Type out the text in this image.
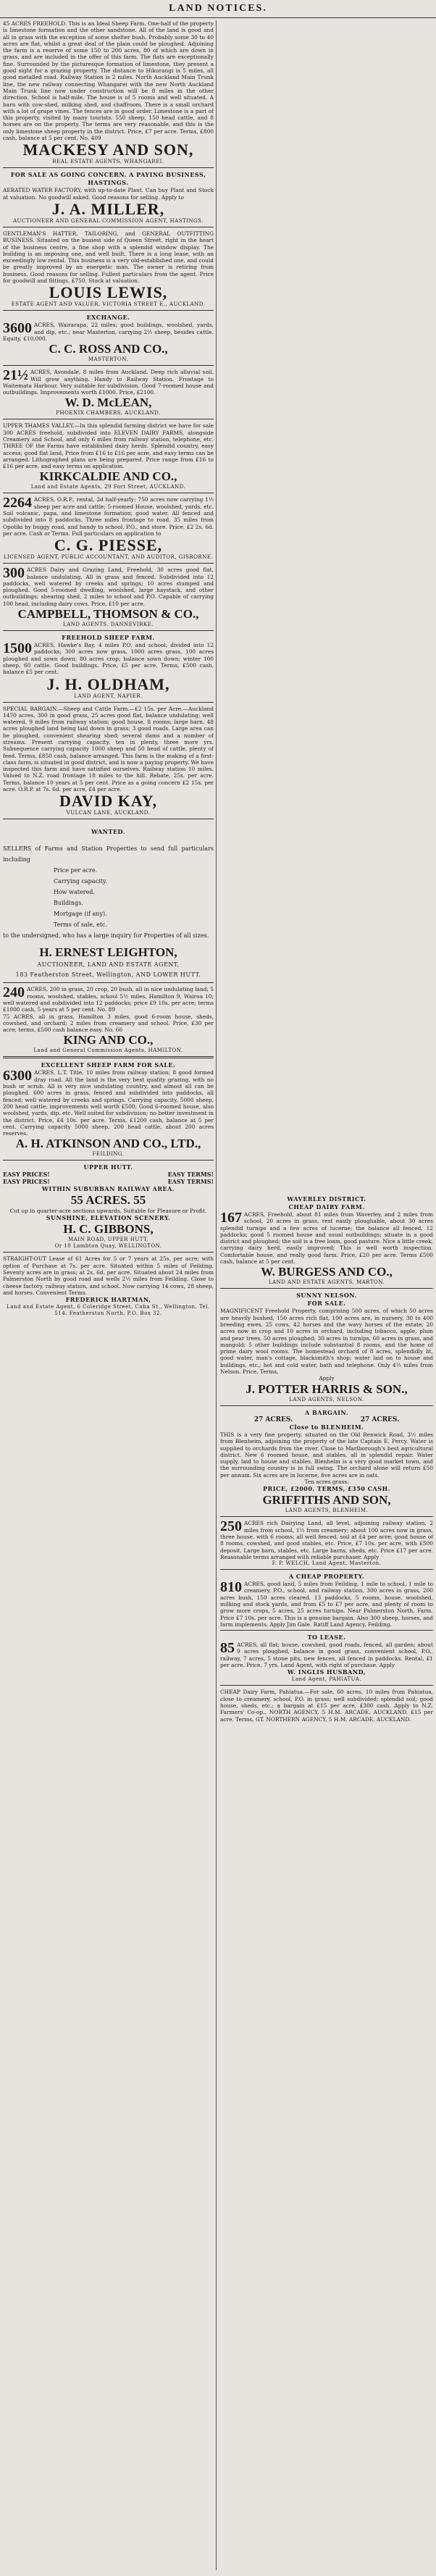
LAND NOTICES.

45 ACRES FREEHOLD. This is an Ideal Sheep Farm. One-half of the property is limestone formation and the other sandstone. All of the land is good and all in grass with the exception of some shelter bush. Probably some 30 to 40 acres are flat, whilst a great deal of the plain could be ploughed. Adjoining the farm is a reserve of some 150 to 200 acres, 80 of which are down in grass, and are included in the offer of this farm. The flats are exceptionally fine. Surrounded by the picturesque formation of limestone, they present a good sight for a grazing property. The distance to Hikurangi is 5 miles, all good metalled road. Railway Station is 2 miles. North Auckland Main Trunk line, the new railway connecting Whangarei with the new North Auckland Main Trunk line now under construction will be 8 miles in the other direction. School is half-mile. The house is of 5 rooms and well situated. A barn with cow-shed, milking shed, and chaffroom. There is a small orchard with a lot of grape vines. The fences are in good order. Limestone is a part of this property, visited by many tourists. 550 sheep, 150 head cattle, and 8 horses are on the property. The terms are very reasonable, and this is the only limestone sheep property in the district. Price, £7 per acre. Terms, £800 cash, balance at 5 per cent. No. 409

MACKESY AND SON,
REAL ESTATE AGENTS, WHANGAREI.
FOR SALE AS GOING CONCERN. A PAYING BUSINESS, HASTINGS.

AERATED WATER FACTORY, with up-to-date Plant. Can buy Plant and Stock at valuation. No goodwill asked. Good reasons for selling. Apply to

J. A. MILLER,
AUCTIONEER AND GENERAL COMMISSION AGENT, HASTINGS.

GENTLEMAN'S HATTER, TAILORING, and GENERAL OUTFITTING BUSINESS. Situated on the busiest side of Queen Street, right in the heart of the business centre, a fine shop with a splendid window display. The building is an imposing one, and well built. There is a long lease, with an exceedingly low rental. This business is a very old-established one, and could be greatly improved by an energetic man. The owner is retiring from business. Good reasons for selling. Fullest particulars from the agent. Price for goodwill and fittings, £750. Stock at valuation.

LOUIS LEWIS,
ESTATE AGENT AND VALUER, VICTORIA STREET E., AUCKLAND.
EXCHANGE.
3600 ACRES, Wairarapa, 22 miles; good buildings, woolshed, yards, and dip, etc.; near Masterton, carrying 2½ sheep, besides cattle. Equity, £10,000.

C. C. ROSS AND CO.,
MASTERTON.
21½ ACRES, Avondale, 8 miles from Auckland. Deep rich alluvial soil. Will grow anything. Handy to Railway Station. Frontage to Waitemata Harbour. Very suitable for subdivision. Good 7-roomed house and outbuildings. Improvements worth £1000. Price, £2100.

W. D. McLEAN,
PHOENIX CHAMBERS, AUCKLAND.

UPPER THAMES VALLEY.—In this splendid farming district we have for sale 300 ACRES freehold, subdivided into ELEVEN DAIRY FARMS, alongside Creamery and School, and only 6 miles from railway station, telephone, etc. THREE OF the Farms have established dairy herds. Splendid country, easy access; good flat land, Price from £16 to £16 per acre, and easy terms can be arranged. Lithographed plans are being prepared. Price range from £16 to £16 per acre, and easy terms on application.

KIRKCALDIE AND CO.,
Land and Estate Agents, 29 Fort Street, AUCKLAND.
2264 ACRES, O.R.P., rental, 2d half-yearly; 750 acres now carrying 1½ sheep per acre and cattle; 5-roomed House, woolshed, yards, etc. Soil volcanic, papa, and limestone formation; good water. All fenced and subdivided into 8 paddocks. Three miles frontage to road, 35 miles from Opotiki by buggy road, and handy to school, P.O., and store. Price, £2 2s. 6d. per acre. Cash or Terms. Full particulars on application to

C. G. PIESSE,
LICENSED AGENT, PUBLIC ACCOUNTANT, AND AUDITOR, GISBORNE.
300 ACRES Dairy and Grazing Land, Freehold, 30 acres good flat, balance undulating. All in grass and fenced. Subdivided into 12 paddocks, well watered by creeks and springs; 10 acres stumped and ploughed. Good 5-roomed dwelling, woolshed, large haystack, and other outbuildings; shearing shed, 2 miles to school and P.O. Capable of carrying 100 head, including dairy cows. Price, £10 per acre.

CAMPBELL, THOMSON & CO.,
LAND AGENTS. DANNEVIRKE.
FREEHOLD SHEEP FARM.
1500 ACRES, Hawke's Bay, 4 miles P.O. and school, divided into 12 paddocks; 300 acres now grass, 1000 acres grass, 100 acres ploughed and sown down; 80 acres crop; balance sown down; winter 100 sheep, 60 cattle. Good buildings. Price, £5 per acre. Terms, £500 cash, balance £5 per cent.

J. H. OLDHAM,
LAND AGENT, NAPIER.

SPECIAL BARGAIN.—Sheep and Cattle Farm.—£2 15s. per Acre.—Auckland 1470 acres, 300 in good grass, 25 acres good flat, balance undulating; well watered, 9 miles from railway station; good house, 8 rooms; large barn, 48 acres ploughed land being laid down in grass; 3 good roads. Large area can be ploughed, convenient shearing shed; several dams and a number of streams. Present carrying capacity, ten in plenty, three more yrs. Subsequence carrying capacity 1000 sheep and 50 head of cattle, plenty of feed. Terms, £850 cash, balance arranged. This farm is the making of a first-class farm, is situated in good district, and is now a paying property. We have inspected this farm and have satisfied ourselves. Railway station 10 miles. Valued to N.Z. road frontage 18 miles to the hill. Rebate, 25s. per acre. Terms, balance 10 years at 5 per cent. Price as a going concern £2 15s. per acre. O.R.P. at 7s. 6d. per acre, £4 per acre.

DAVID KAY,
VULCAN LANE, AUCKLAND.
WANTED.

SELLERS of Farms and Station Properties to send full particulars including

Price per acre.
Carrying capacity.
How watered.
Buildings.
Mortgage (if any).
Terms of sale, etc.

to the undersigned, who has a large inquiry for Properties of all sizes.

H. ERNEST LEIGHTON,
AUCTIONEER, LAND AND ESTATE AGENT,
183 Featherston Street, Wellington, AND LOWER HUTT.
240 ACRES, 200 in grass, 20 crop, 20 bush, all in nice undulating land; 5 rooms, woolshed, stables, school 5½ miles, Hamilton 9, Wairoa 10; well watered and subdivided into 12 paddocks; price £9 10s. per acre; terms £1000 cash, 5 years at 5 per cent. No. 89

75 ACRES, all in grass, Hamilton 3 miles, good 6-room house, sheds, cowshed, and orchard; 2 miles from creamery and school. Price, £30 per acre; terms, £500 cash balance easy. No. 66

KING AND CO.,
Land and General Commission Agents, HAMILTON.
EXCELLENT SHEEP FARM FOR SALE.
6300 ACRES, L.T. Title, 10 miles from railway station; 8 good formed dray road. All the land is the very best quality grazing, with no bush or scrub. All is very nice undulating country, and almost all can be ploughed. 600 acres in grass, fenced and subdivided into paddocks, all fenced; well watered by creeks and springs. Carrying capacity, 5000 sheep, 200 head cattle; improvements well worth £500; Good 6-roomed house, also woolshed, yards, dip, etc. Well suited for subdivision; no better investment in the district. Price, £4 10s. per acre. Terms, £1200 cash, balance at 5 per cent. Carrying capacity 5000 sheep, 200 head cattle, about 200 acres reserves.

A. H. ATKINSON AND CO., LTD.,
FEILDING.
UPPER HUTT.
EASY PRICES!	EASY TERMS!
EASY PRICES!	EASY TERMS!
WITHIN SUBURBAN RAILWAY AREA.
55 ACRES. 55

Cut up in quarter-acre sections upwards. Suitable for Pleasure or Profit.

SUNSHINE, ELEVATION SCENERY.
H. C. GIBBONS,
MAIN ROAD, UPPER HUTT,
Or 10 Lambton Quay, WELLINGTON.

STRAIGHT-OUT Lease of 61 Acres for 5 or 7 years at 25s. per acre; with option of Purchase at 7s. per acre. Situated within 5 miles of Feilding. Seventy acres are in grass; at 2s. 6d. per acre. Situated about 24 miles from Palmerston North by good road and wells 2½ miles from Feilding. Close to cheese factory, railway station, and school. Now carrying 14 cows, 28 sheep, and horses. Convenient Terms.

FREDERICK HARTMAN,
Land and Estate Agent, 6 Coleridge Street, Cuba St., Wellington. Tel. 514. Featherston North, P.O. Box 32.
WAVERLEY DISTRICT.
CHEAP DAIRY FARM.
167 ACRES, Freehold, about 81 miles from Waverley, and 2 miles from school, 20 acres in grass, rest easily ploughable, about 30 acres splendid turnips and a few acres of lucerne; the balance all fenced, 12 paddocks; good 5 roomed house and usual outbuildings; situate in a good district and ploughed; the soil is a free loam, good pasture. Nice a little creek, carrying dairy herd, easily improved; This is well worth inspection. Comfortable house, and really good farm. Price, £20 per acre. Terms £500 cash, balance at 5 per cent.

W. BURGESS AND CO.,
LAND AND ESTATE AGENTS, MARTON.
SUNNY NELSON.
FOR SALE.

MAGNIFICENT Freehold Property, comprising 500 acres, of which 50 acres are heavily bushed, 150 acres rich flat, 100 acres are, in nursery, 30 to 400 breeding ewes, 25 cows, 42 horses and the wavy horses of the estate, 20 acres now in crop and 10 acres in orchard, including tobacco, apple, plum and pear trees, 50 acres ploughed; 30 acres in turnips, 60 acres in grass, and mangold; 5 other buildings include substantial 8 rooms, and the home of prime dairy wool rooms. The homestead orchard of 8 acres, splendidly lit, good water, man's cottage, blacksmith's shop; water laid on to house and buildings, etc.; hot and cold water, bath and telephone. Only 4½ miles from Nelson. Price, Terms,

Apply

J. POTTER HARRIS & SON.,
LAND AGENTS, NELSON.
A BARGAIN.
27 ACRES.	27 ACRES.
Close to BLENHEIM.

THIS is a very fine property, situated on the Old Renwick Road, 3½ miles from Blenheim, adjoining the property of the late Captain E. Percy. Water is supplied to orchards from the river. Close to Marlborough's best agricultural district. New 6 roomed house, and stables, all in splendid repair. Water supply, laid to house and stables. Blenheim is a very good market town, and the surrounding country is in full swing. The orchard alone will return £50 per annum. Six acres are in lucerne, five acres are in oats.

Ten acres grass.

PRICE, £2000. TERMS, £350 CASH.
GRIFFITHS AND SON,
LAND AGENTS, BLENHEIM.
250 ACRES rich Dairying Land, all level, adjoining railway station, 2 miles from school, 1½ from creamery; about 100 acres now in grass, three house, with 6 rooms; all well fenced, soil at £4 per acre; good house of 8 rooms, cowshed, and good stables, etc. Price, £7 10s. per acre, with £500 deposit. Large barn, stables, etc. Large barns, sheds, etc. Price £17 per acre. Reasonable terms arranged with reliable purchaser. Apply

F. P. WELCH, Land Agent, Masterton.
A CHEAP PROPERTY.
810 ACRES, good land, 5 miles from Feilding, 1 mile to school, 1 mile to creamery, P.O., school, and railway station, 300 acres in grass, 200 acres bush, 150 acres cleared, 13 paddocks, 5 rooms, house, woolshed, milking and stock yards, and from £5 to £7 per acre, and plenty of room to grow more crops, 5 acres, 25 acres turnips. Near Palmerston North, Farm. Price £7 10s. per acre. This is a genuine bargain. Also 300 sheep, horses, and farm implements. Apply Jim Gale. Ratiff Land Agency, Feilding.

TO LEASE.
85 ACRES, all flat; house, cowshed, good roads, fenced, all garden; about 9 acres ploughed, balance in good grass, convenient school, P.O., railway, 7 acres, 5 stone pits, new fences, all fenced in paddocks. Rental, £1 per acre. Price, 7 yrs. Land Agent, with right of purchase. Apply

W. INGLIS HUSBAND,
Land Agent, PAHIATUA.

CHEAP Dairy Farm, Pahiatua.—For sale, 60 acres, 10 miles from Pahiatua, close to creamery, school, P.O. in grass; well subdivided; splendid soil; good house, sheds, etc.; a bargain at £15 per acre, £300 cash. Apply to N.Z. Farmers' Co-op., NORTH AGENCY, 5 H.M. ARCADE, AUCKLAND. £15 per acre. Terms, GT. NORTHERN AGENCY, 5 H.M. ARCADE, AUCKLAND.
